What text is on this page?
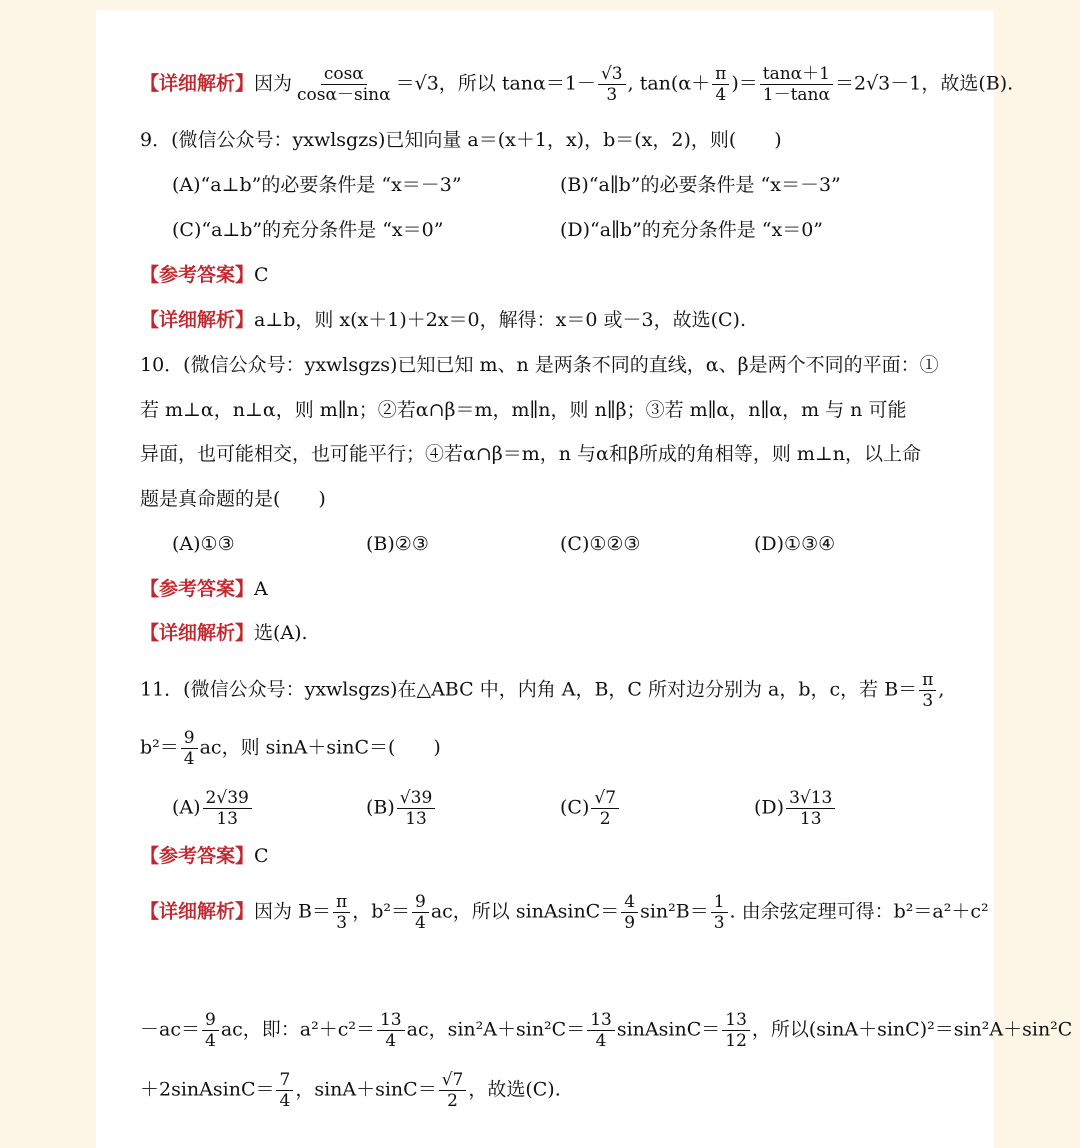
【详细解析】因为 $\frac{\cos\alpha}{\cos\alpha-\sin\alpha} =√3$，所以 $\tan\alpha=1- \frac{√3}{3}$ , $\tan(\alpha+ \frac{\pi}{4}$ )＝ $\frac{\tan\alpha+1}{1-\tan\alpha} =2√3-1$，故选(B).
9．(微信公众号：yxwlsgzs)已知向量 a＝(x＋1，x)，b＝(x，2)，则(　　)
(A)“a⊥b”的必要条件是 “x＝－3”	(B)“a∥b”的必要条件是 “x＝－3”
(C)“a⊥b”的充分条件是 “x＝0”	(D)“a∥b”的充分条件是 “x＝0”
【参考答案】C
【详细解析】a⊥b，则 x(x＋1)＋2x＝0，解得：x＝0 或－3，故选(C).
10．(微信公众号：yxwlsgzs)已知已知 m、n 是两条不同的直线，α、β是两个不同的平面：①
若 m⊥α，n⊥α，则 m∥n；②若α∩β＝m，m∥n，则 n∥β；③若 m∥α，n∥α，m 与 n 可能
异面，也可能相交，也可能平行；④若α∩β＝m，n 与α和β所成的角相等，则 m⊥n，以上命
题是真命题的是(　　)
(A)①③	(B)②③	(C)①②③	(D)①③④
【参考答案】A
【详细解析】选(A).
11．(微信公众号：yxwlsgzs)在△ABC 中，内角 A，B，C 所对边分别为 a，b，c，若 $B= \frac{\pi}{3}$ ,
$b^2= \frac{9}{4}$ ac，则 sinA＋sinC＝(　　)
$(A) \frac{2√39}{13}$	$(B) \frac{√39}{13}$	$(C) \frac{√7}{2}$	$(D) \frac{3√13}{13}$
【参考答案】C
【详细解析】因为 $B= \frac{\pi}{3}$ ，$b^2= \frac{9}{4}$ ac，所以 sinAsinC＝ $\frac{4}{9} \sin^2B= \frac{1}{3}$ . 由余弦定理可得：b²＝a²＋c²
$-ac= \frac{9}{4}$ ac，即：$a^2+c^2= \frac{13}{4}$ ac，$\sin^2A+\sin^2C= \frac{13}{4}$ sinAsinC＝ $\frac{13}{12}$ ，所以(sinA＋sinC)²＝sin²A＋sin²C
＋2sinAsinC＝ $\frac{7}{4}$ ，$\sin A+\sin C= \frac{√7}{2}$ ，故选(C).
